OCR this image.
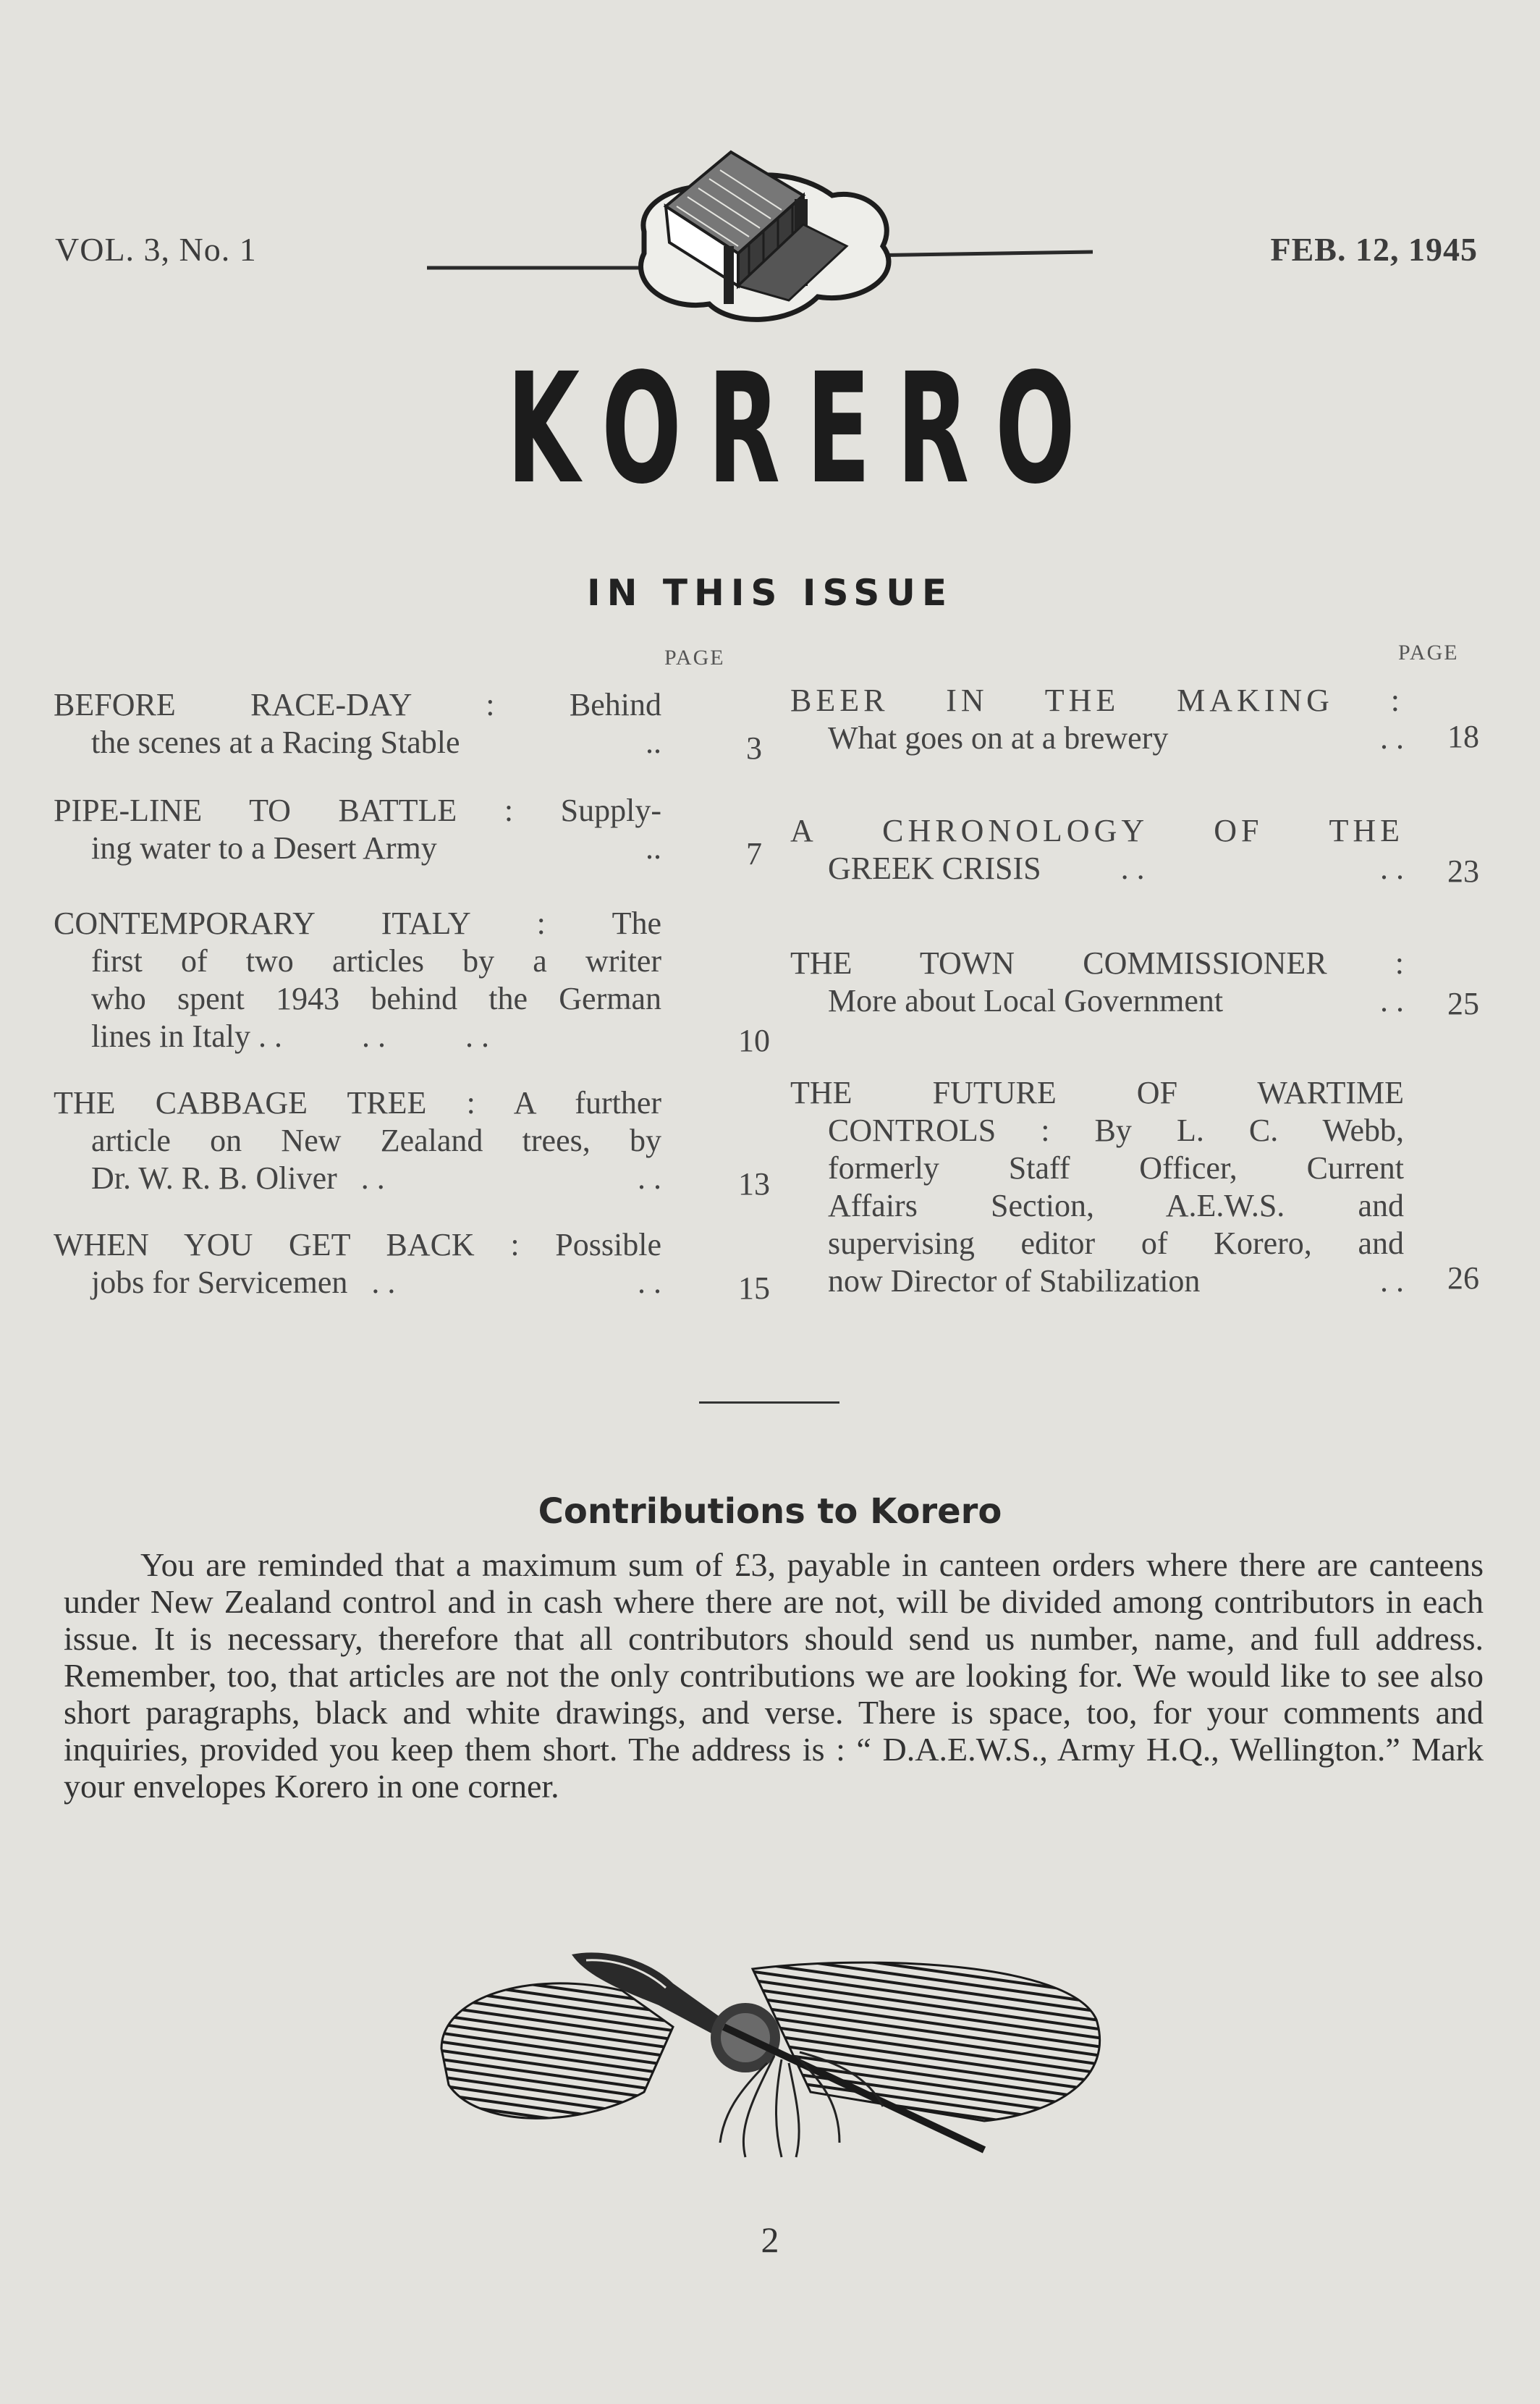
VOL. 3, No. 1	FEB. 12, 1945
KORERO
IN THIS ISSUE
PAGE	PAGE
BEFORE RACE-DAY : Behind
the scenes at a Racing Stable	..	3
PIPE-LINE TO BATTLE : Supply-
ing water to a Desert Army	..	7
CONTEMPORARY ITALY : The
first of two articles by a writer
who spent 1943 behind the German
lines in Italy . .          . .          . .	10
THE CABBAGE TREE : A further
article on New Zealand trees, by
Dr. W. R. B. Oliver   . .	. . 13
WHEN YOU GET BACK : Possible
jobs for Servicemen   . .	. . 15
BEER IN THE MAKING :
What goes on at a brewery	. . 18
A CHRONOLOGY OF THE
GREEK CRISIS          . .	. . 23
THE TOWN COMMISSIONER :
More about Local Government	. . 25
THE FUTURE OF WARTIME
CONTROLS : By L. C. Webb,
formerly Staff Officer, Current
Affairs Section, A.E.W.S. and
supervising editor of Korero, and
now Director of Stabilization	. . 26
Contributions to Korero
You are reminded that a maximum sum of £3, payable in canteen orders where there are canteens under New Zealand control and in cash where there are not, will be divided among contributors in each issue. It is necessary, therefore that all contributors should send us number, name, and full address. Remember, too, that articles are not the only contributions we are looking for. We would like to see also short paragraphs, black and white drawings, and verse. There is space, too, for your comments and inquiries, provided you keep them short. The address is : “ D.A.E.W.S., Army H.Q., Wellington.” Mark your envelopes Korero in one corner.
2
